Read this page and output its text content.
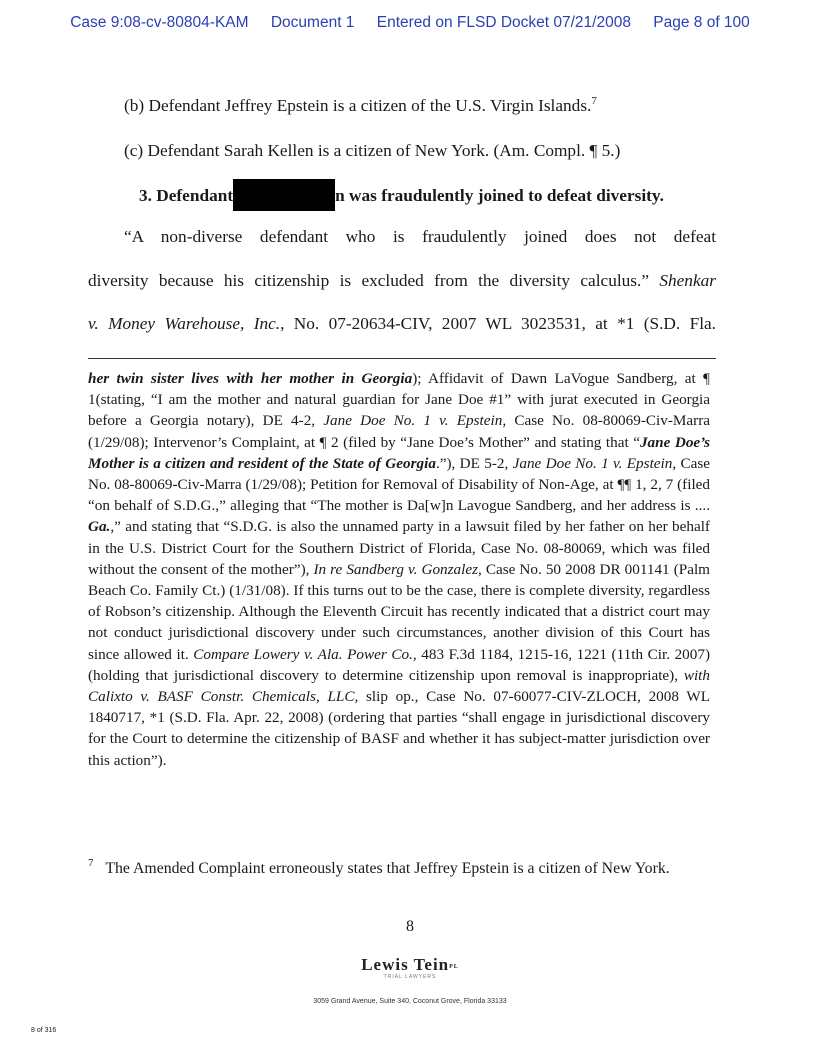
Case 9:08-cv-80804-KAM Document 1 Entered on FLSD Docket 07/21/2008 Page 8 of 100
(b) Defendant Jeffrey Epstein is a citizen of the U.S. Virgin Islands.$^7$
(c) Defendant Sarah Kellen is a citizen of New York. (Am. Compl. ¶ 5.)
3. Defendant	n was fraudulently joined to defeat diversity.
“A non-diverse defendant who is fraudulently joined does not defeat
diversity because his citizenship is excluded from the diversity calculus.” Shenkar
v. Money Warehouse, Inc., No. 07-20634-CIV, 2007 WL 3023531, at *1 (S.D. Fla.
her twin sister lives with her mother in Georgia); Affidavit of Dawn LaVogue Sandberg, at ¶ 1(stating, “I am the mother and natural guardian for Jane Doe #1” with jurat executed in Georgia before a Georgia notary), DE 4-2, Jane Doe No. 1 v. Epstein, Case No. 08-80069-Civ-Marra (1/29/08); Intervenor’s Complaint, at ¶ 2 (filed by “Jane Doe’s Mother” and stating that “Jane Doe’s Mother is a citizen and resident of the State of Georgia.”), DE 5-2, Jane Doe No. 1 v. Epstein, Case No. 08-80069-Civ-Marra (1/29/08); Petition for Removal of Disability of Non-Age, at ¶¶ 1, 2, 7 (filed “on behalf of S.D.G.,” alleging that “The mother is Da[w]n Lavogue Sandberg, and her address is .... Ga.,” and stating that “S.D.G. is also the unnamed party in a lawsuit filed by her father on her behalf in the U.S. District Court for the Southern District of Florida, Case No. 08-80069, which was filed without the consent of the mother”), In re Sandberg v. Gonzalez, Case No. 50 2008 DR 001141 (Palm Beach Co. Family Ct.) (1/31/08). If this turns out to be the case, there is complete diversity, regardless of Robson’s citizenship. Although the Eleventh Circuit has recently indicated that a district court may not conduct jurisdictional discovery under such circumstances, another division of this Court has since allowed it. Compare Lowery v. Ala. Power Co., 483 F.3d 1184, 1215-16, 1221 (11th Cir. 2007) (holding that jurisdictional discovery to determine citizenship upon removal is inappropriate), with Calixto v. BASF Constr. Chemicals, LLC, slip op., Case No. 07-60077-CIV-ZLOCH, 2008 WL 1840717, *1 (S.D. Fla. Apr. 22, 2008) (ordering that parties “shall engage in jurisdictional discovery for the Court to determine the citizenship of BASF and whether it has subject-matter jurisdiction over this action”).
$^7$ The Amended Complaint erroneously states that Jeffrey Epstein is a citizen of New York.
8
Lewis TeinPL
TRIAL LAWYERS
3059 Grand Avenue, Suite 340, Coconut Grove, Florida 33133
8 of 316
